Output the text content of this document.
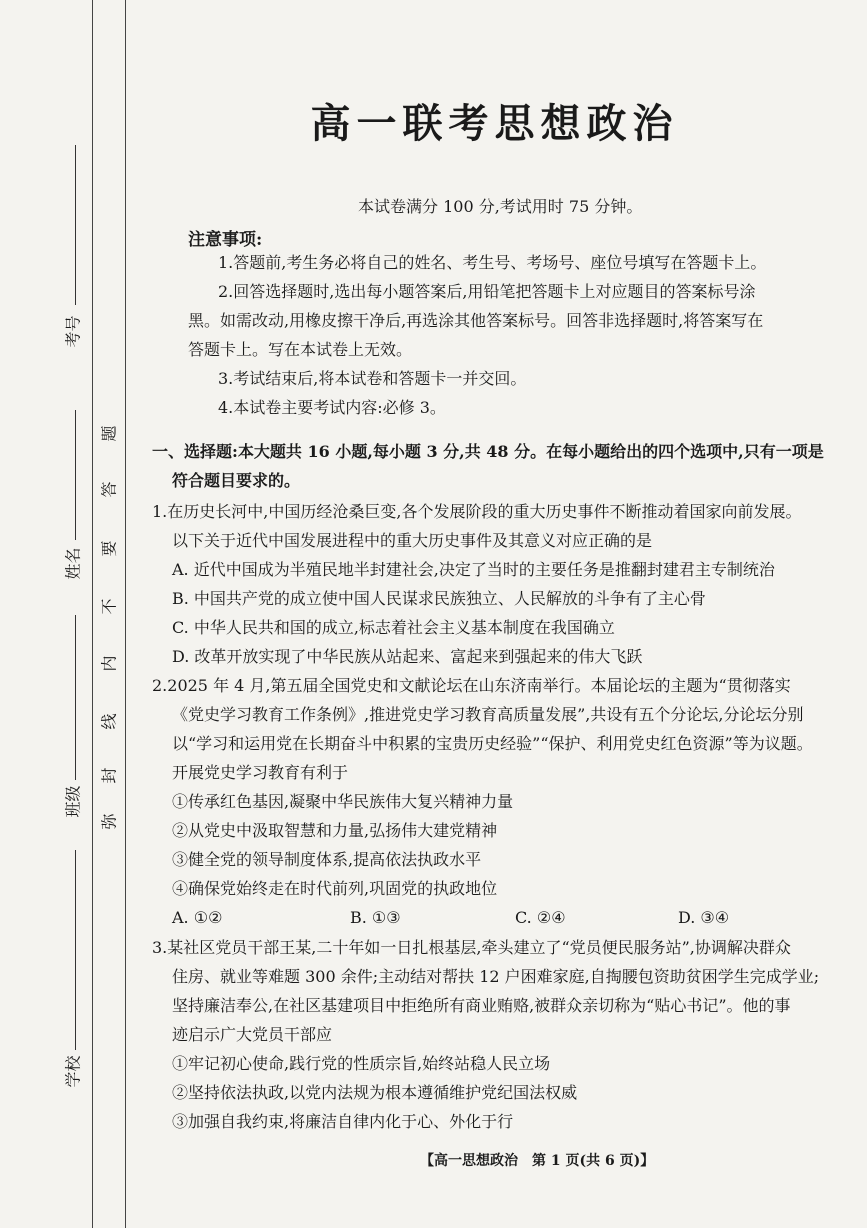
考号
姓名
班级
学校
题
答
要
不
内
线
封
弥
高一联考思想政治
本试卷满分 100 分,考试用时 75 分钟。
注意事项:
1.答题前,考生务必将自己的姓名、考生号、考场号、座位号填写在答题卡上。
2.回答选择题时,选出每小题答案后,用铅笔把答题卡上对应题目的答案标号涂
黑。如需改动,用橡皮擦干净后,再选涂其他答案标号。回答非选择题时,将答案写在
答题卡上。写在本试卷上无效。
3.考试结束后,将本试卷和答题卡一并交回。
4.本试卷主要考试内容:必修 3。
一、选择题:本大题共 16 小题,每小题 3 分,共 48 分。在每小题给出的四个选项中,只有一项是
符合题目要求的。
1.在历史长河中,中国历经沧桑巨变,各个发展阶段的重大历史事件不断推动着国家向前发展。
以下关于近代中国发展进程中的重大历史事件及其意义对应正确的是
A. 近代中国成为半殖民地半封建社会,决定了当时的主要任务是推翻封建君主专制统治
B. 中国共产党的成立使中国人民谋求民族独立、人民解放的斗争有了主心骨
C. 中华人民共和国的成立,标志着社会主义基本制度在我国确立
D. 改革开放实现了中华民族从站起来、富起来到强起来的伟大飞跃
2.2025 年 4 月,第五届全国党史和文献论坛在山东济南举行。本届论坛的主题为“贯彻落实
《党史学习教育工作条例》,推进党史学习教育高质量发展”,共设有五个分论坛,分论坛分别
以“学习和运用党在长期奋斗中积累的宝贵历史经验”“保护、利用党史红色资源”等为议题。
开展党史学习教育有利于
①传承红色基因,凝聚中华民族伟大复兴精神力量
②从党史中汲取智慧和力量,弘扬伟大建党精神
③健全党的领导制度体系,提高依法执政水平
④确保党始终走在时代前列,巩固党的执政地位
A. ①②	B. ①③	C. ②④	D. ③④
3.某社区党员干部王某,二十年如一日扎根基层,牵头建立了“党员便民服务站”,协调解决群众
住房、就业等难题 300 余件;主动结对帮扶 12 户困难家庭,自掏腰包资助贫困学生完成学业;
坚持廉洁奉公,在社区基建项目中拒绝所有商业贿赂,被群众亲切称为“贴心书记”。他的事
迹启示广大党员干部应
①牢记初心使命,践行党的性质宗旨,始终站稳人民立场
②坚持依法执政,以党内法规为根本遵循维护党纪国法权威
③加强自我约束,将廉洁自律内化于心、外化于行
【高一思想政治　第 1 页(共 6 页)】
